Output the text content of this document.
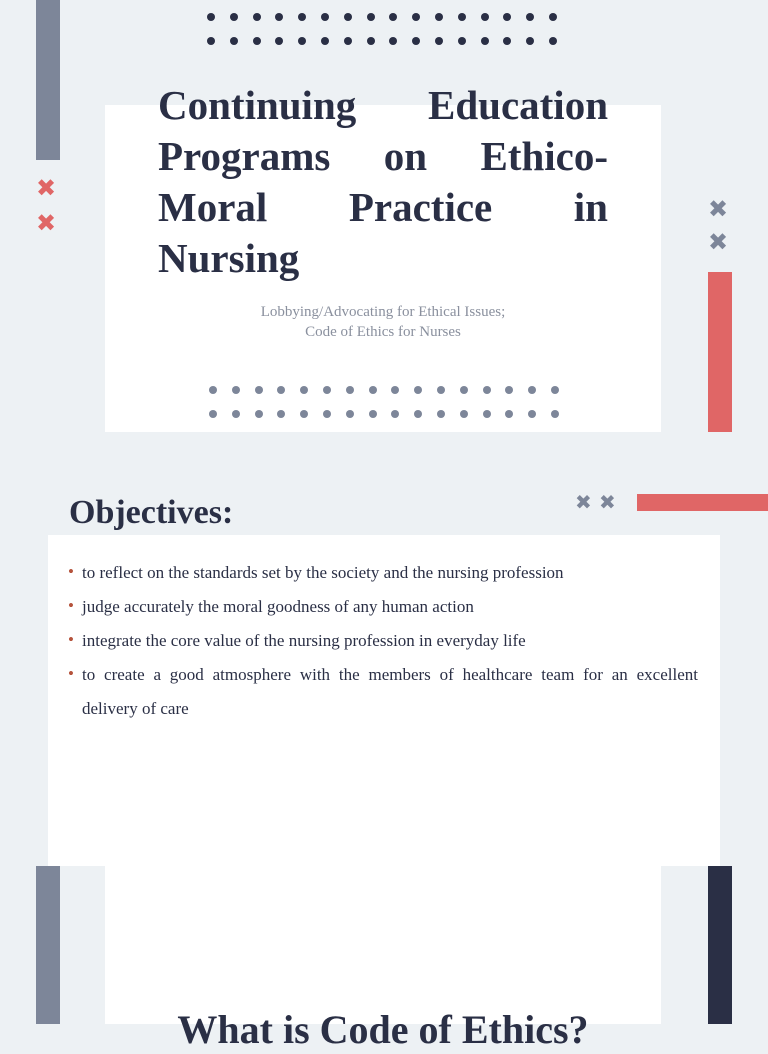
✖
✖
Continuing Education Programs on Ethico-Moral Practice in Nursing
Lobbying/Advocating for Ethical Issues;
Code of Ethics for Nurses
✖
✖
Objectives:	✖ ✖
• to reflect on the standards set by the society and the nursing profession
• judge accurately the moral goodness of any human action
• integrate the core value of the nursing profession in everyday life
• to create a good atmosphere with the members of healthcare team for an excellent delivery of care
What is Code of Ethics?
